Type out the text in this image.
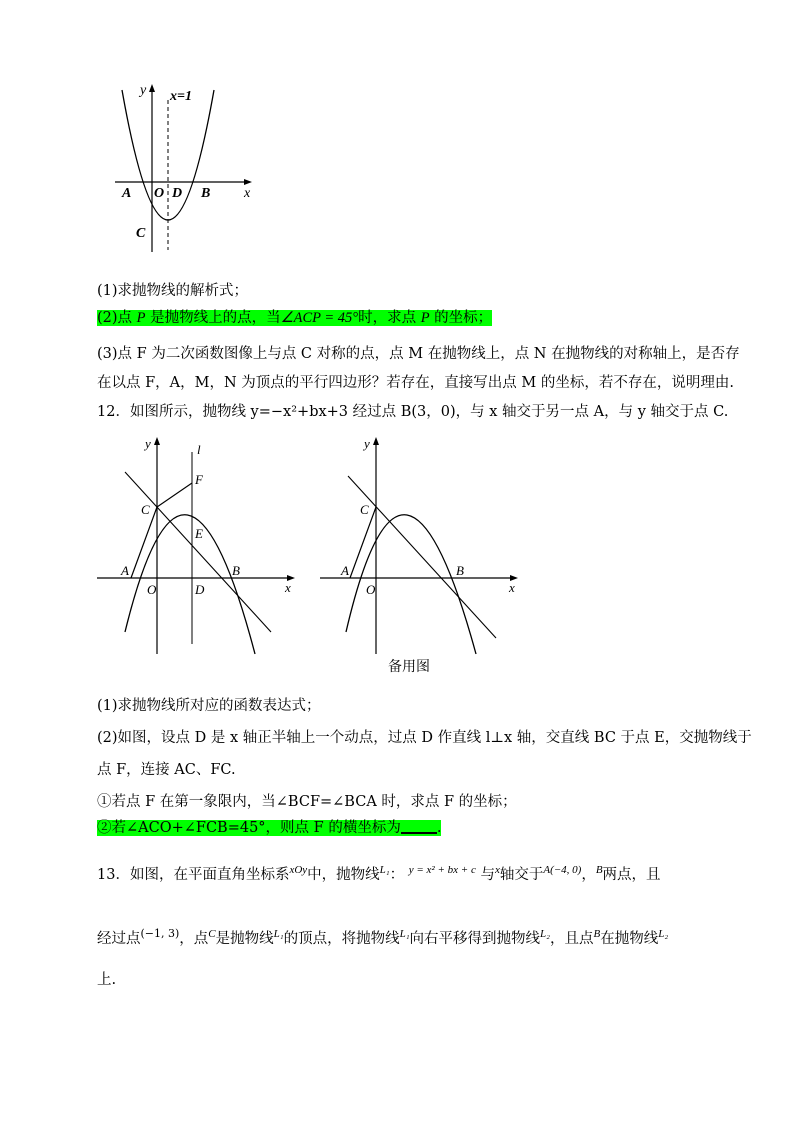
y x=1
x
A O D B
C
(1)求抛物线的解析式；
(2)点 P 是抛物线上的点，当∠ACP = 45°时，求点 P 的坐标；
(3)点 F 为二次函数图像上与点 C 对称的点，点 M 在抛物线上，点 N 在抛物线的对称轴上，是否存
在以点 F，A，M，N 为顶点的平行四边形？若存在，直接写出点 M 的坐标，若不存在，说明理由.
12．如图所示，抛物线 y=−x²+bx+3 经过点 B(3，0)，与 x 轴交于另一点 A，与 y 轴交于点 C.
y	l
F
C
E
A
O	D
B
x
y
C
A
O
B
x
备用图
(1)求抛物线所对应的函数表达式；
(2)如图，设点 D 是 x 轴正半轴上一个动点，过点 D 作直线 l⊥x 轴，交直线 BC 于点 E，交抛物线于
点 F，连接 AC、FC.
①若点 F 在第一象限内，当∠BCF=∠BCA 时，求点 F 的坐标；
②若∠ACO+∠FCB=45°，则点 F 的横坐标为 .
13．如图，在平面直角坐标系$^{xOy}$中，抛物线$^{L_1}$： $^{y = x^2 + bx + c}$ 与$^x$轴交于$^{A(-4, 0)}$，$^B$两点，且
经过点$^{(-1, 3)}$，点$^C$是抛物线$^{L_1}$的顶点，将抛物线$^{L_1}$向右平移得到抛物线$^{L_2}$，且点$^B$在抛物线$^{L_2}$
上.
